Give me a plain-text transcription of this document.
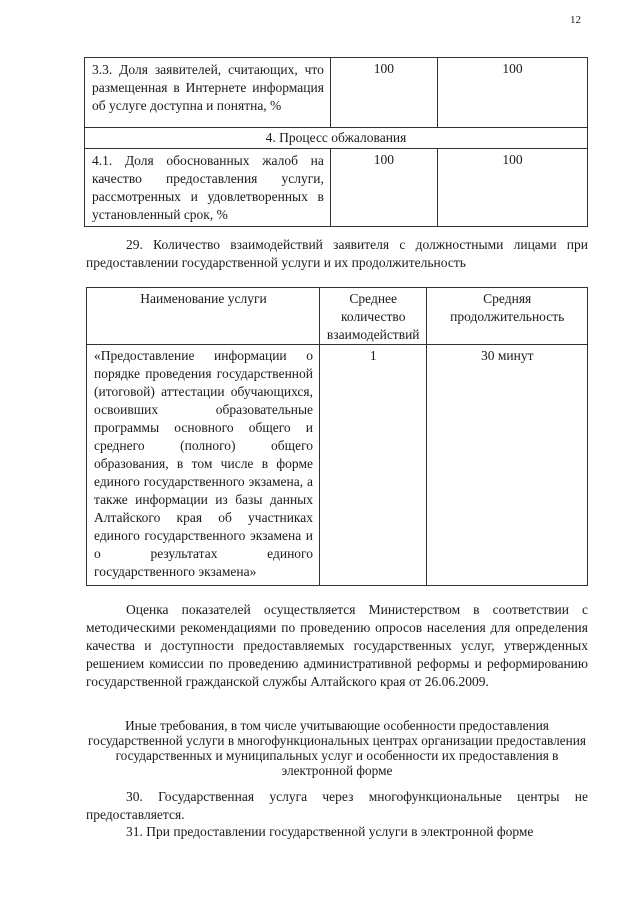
12
3.3. Доля заявителей, считающих, что размещенная в Интернете информация об услуге доступна и понятна, %	100	100
4. Процесс обжалования		
4.1. Доля обоснованных жалоб на качество предоставления услуги, рассмотренных и удовлетворенных в установленный срок, %	100	100

29. Количество взаимодействий заявителя с должностными лицами при предоставлении государственной услуги и их продолжительность

Наименование услуги	Среднее количество взаимодействий	Средняя продолжительность
«Предоставление информации о порядке проведения государственной (итоговой) аттестации обучающихся, освоивших образовательные программы основного общего и среднего (полного) общего образования, в том числе в форме единого государственного экзамена, а также информации из базы данных Алтайского края об участниках единого государственного экзамена и о результатах единого государственного экзамена»	1	30 минут

Оценка показателей осуществляется Министерством в соответствии с методическими рекомендациями по проведению опросов населения для определения качества и доступности предоставляемых государственных услуг, утвержденных решением комиссии по проведению административной реформы и реформированию государственной гражданской службы Алтайского края от 26.06.2009.

Иные требования, в том числе учитывающие особенности предоставления государственной услуги в многофункциональных центрах организации предоставления государственных и муниципальных услуг и особенности их предоставления в электронной форме

30. Государственная услуга через многофункциональные центры не предоставляется.

31. При предоставлении государственной услуги в электронной форме
